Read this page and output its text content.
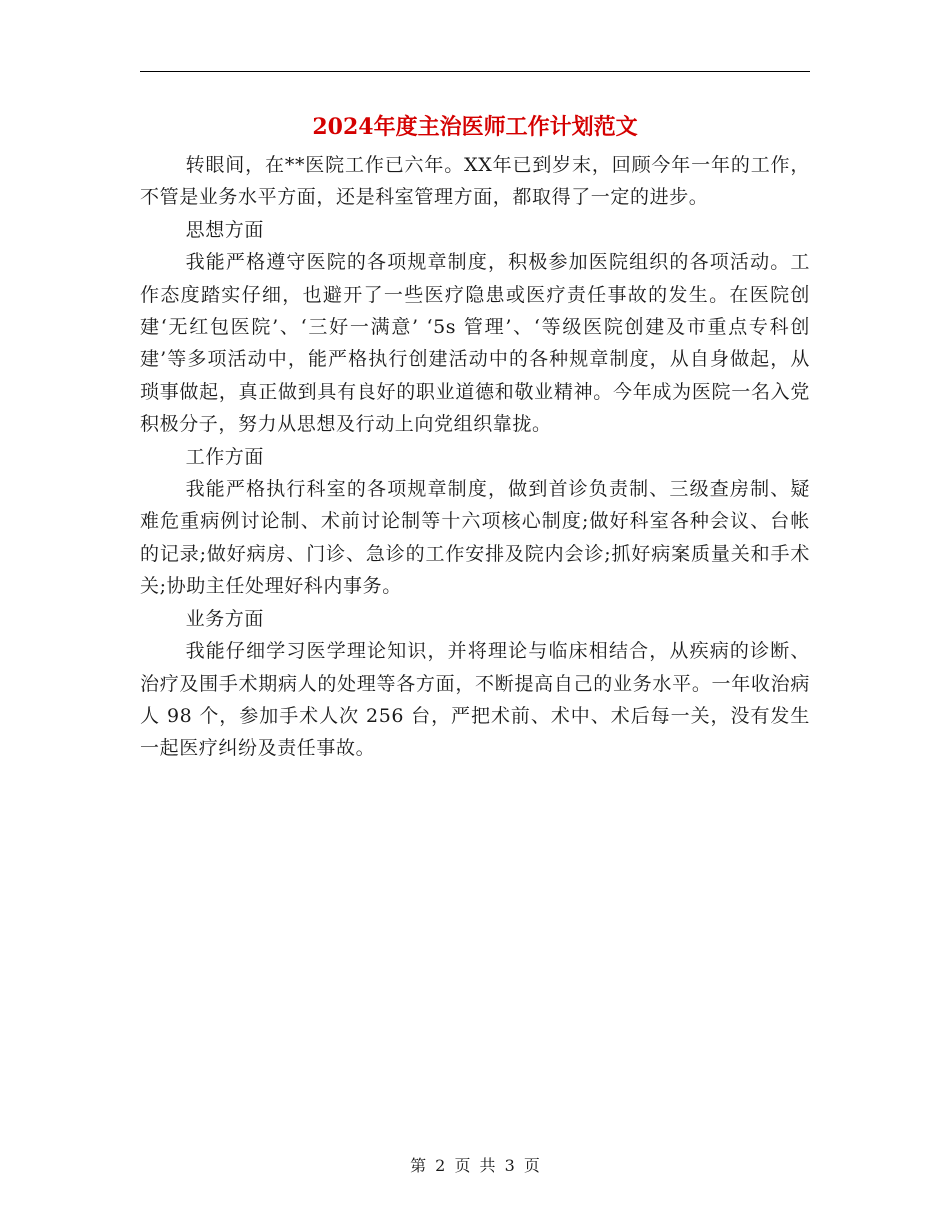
2024年度主治医师工作计划范文

转眼间，在**医院工作已六年。XX年已到岁末，回顾今年一年的工作，不管是业务水平方面，还是科室管理方面，都取得了一定的进步。

思想方面

我能严格遵守医院的各项规章制度，积极参加医院组织的各项活动。工作态度踏实仔细，也避开了一些医疗隐患或医疗责任事故的发生。在医院创建‘无红包医院’、‘三好一满意’ ‘5s 管理’、‘等级医院创建及市重点专科创建’等多项活动中，能严格执行创建活动中的各种规章制度，从自身做起，从琐事做起，真正做到具有良好的职业道德和敬业精神。今年成为医院一名入党积极分子，努力从思想及行动上向党组织靠拢。

工作方面

我能严格执行科室的各项规章制度，做到首诊负责制、三级查房制、疑难危重病例讨论制、术前讨论制等十六项核心制度;做好科室各种会议、台帐的记录;做好病房、门诊、急诊的工作安排及院内会诊;抓好病案质量关和手术关;协助主任处理好科内事务。

业务方面

我能仔细学习医学理论知识，并将理论与临床相结合，从疾病的诊断、治疗及围手术期病人的处理等各方面，不断提高自己的业务水平。一年收治病人 98 个，参加手术人次 256 台，严把术前、术中、术后每一关，没有发生一起医疗纠纷及责任事故。

第 2 页 共 3 页
